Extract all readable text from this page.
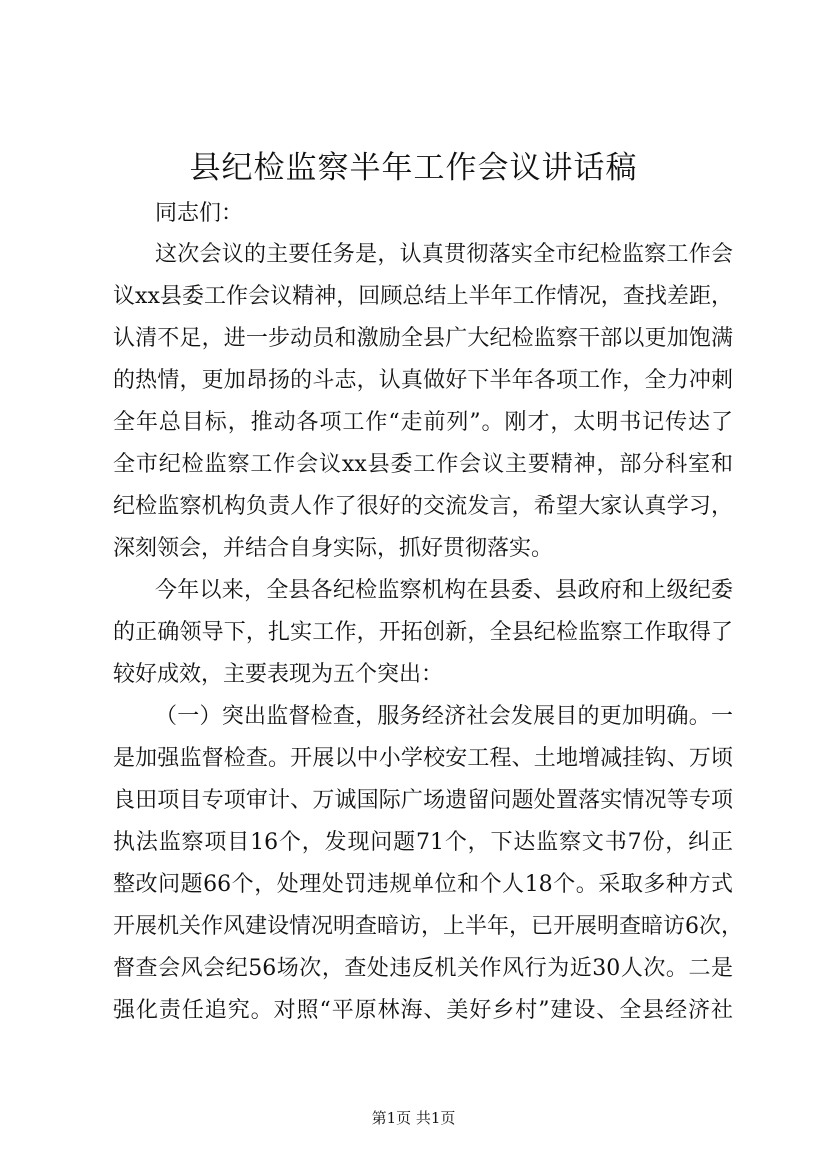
县纪检监察半年工作会议讲话稿
同志们：
这次会议的主要任务是，认真贯彻落实全市纪检监察工作会
议xx县委工作会议精神，回顾总结上半年工作情况，查找差距，
认清不足，进一步动员和激励全县广大纪检监察干部以更加饱满
的热情，更加昂扬的斗志，认真做好下半年各项工作，全力冲刺
全年总目标，推动各项工作“走前列”。刚才，太明书记传达了
全市纪检监察工作会议xx县委工作会议主要精神，部分科室和
纪检监察机构负责人作了很好的交流发言，希望大家认真学习，
深刻领会，并结合自身实际，抓好贯彻落实。
今年以来，全县各纪检监察机构在县委、县政府和上级纪委
的正确领导下，扎实工作，开拓创新，全县纪检监察工作取得了
较好成效，主要表现为五个突出：
（一）突出监督检查，服务经济社会发展目的更加明确。一
是加强监督检查。开展以中小学校安工程、土地增减挂钩、万顷
良田项目专项审计、万诚国际广场遗留问题处置落实情况等专项
执法监察项目16个，发现问题71个，下达监察文书7份，纠正
整改问题66个，处理处罚违规单位和个人18个。采取多种方式
开展机关作风建设情况明查暗访，上半年，已开展明查暗访6次，
督查会风会纪56场次，查处违反机关作风行为近30人次。二是
强化责任追究。对照“平原林海、美好乡村”建设、全县经济社
第1页 共1页
